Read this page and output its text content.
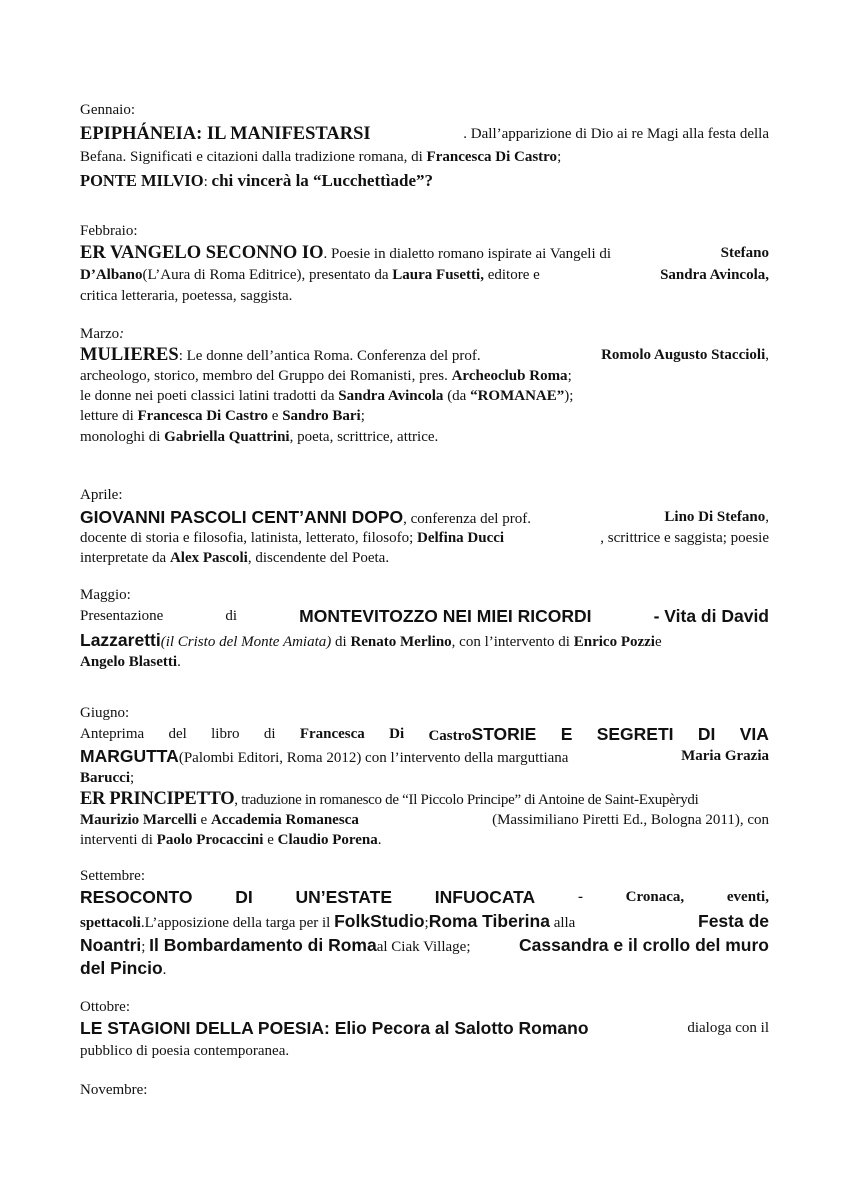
Gennaio:

EPIPHÁNEIA: IL MANIFESTARSI	. Dall’apparizione di Dio ai re Magi alla festa della

Befana. Significati e citazioni dalla tradizione romana, di Francesca Di Castro;

PONTE MILVIO: chi vincerà la “Lucchettìade”?

Febbraio:

ER VANGELO SECONNO IO. Poesie in dialetto romano ispirate ai Vangeli di	Stefano

D’Albano(L’Aura di Roma Editrice), presentato da Laura Fusetti, editore e	Sandra Avincola,

critica letteraria, poetessa, saggista.

Marzo:

MULIERES: Le donne dell’antica Roma. Conferenza del prof.	Romolo Augusto Staccioli,

archeologo, storico, membro del Gruppo dei Romanisti, pres. Archeoclub Roma;

le donne nei poeti classici latini tradotti da Sandra Avincola (da “ROMANAE”);

letture di Francesca Di Castro e Sandro Bari;

monologhi di Gabriella Quattrini, poeta, scrittrice, attrice.

Aprile:

GIOVANNI PASCOLI CENT’ANNI DOPO, conferenza del prof.	Lino Di Stefano,

docente di storia e filosofia, latinista, letterato, filosofo; Delfina Ducci	, scrittrice e saggista; poesie

interpretate da Alex Pascoli, discendente del Poeta.

Maggio:

Presentazione	di	MONTEVITOZZO NEI MIEI RICORDI	- Vita di David

Lazzaretti(il Cristo del Monte Amiata) di Renato Merlino, con l’intervento di Enrico Pozzie

Angelo Blasetti.

Giugno:

Anteprima del libro di Francesca Di CastroSTORIE E SEGRETI DI VIA

MARGUTTA(Palombi Editori, Roma 2012) con l’intervento della marguttiana	Maria Grazia

Barucci;

ER PRINCIPETTO, traduzione in romanesco de “Il Piccolo Principe” di Antoine de Saint-Exupèrydi

Maurizio Marcelli e Accademia Romanesca	(Massimiliano Piretti Ed., Bologna 2011), con

interventi di Paolo Procaccini e Claudio Porena.

Settembre:

RESOCONTO DI UN’ESTATE INFUOCATA	-	Cronaca,	eventi,

spettacoli.L’apposizione della targa per il FolkStudio;Roma Tiberina alla	Festa de

Noantri; Il Bombardamento di Romaal Ciak Village;	Cassandra e il crollo del muro

del Pincio.

Ottobre:

LE STAGIONI DELLA POESIA: Elio Pecora al Salotto Romano	dialoga con il

pubblico di poesia contemporanea.

Novembre:
